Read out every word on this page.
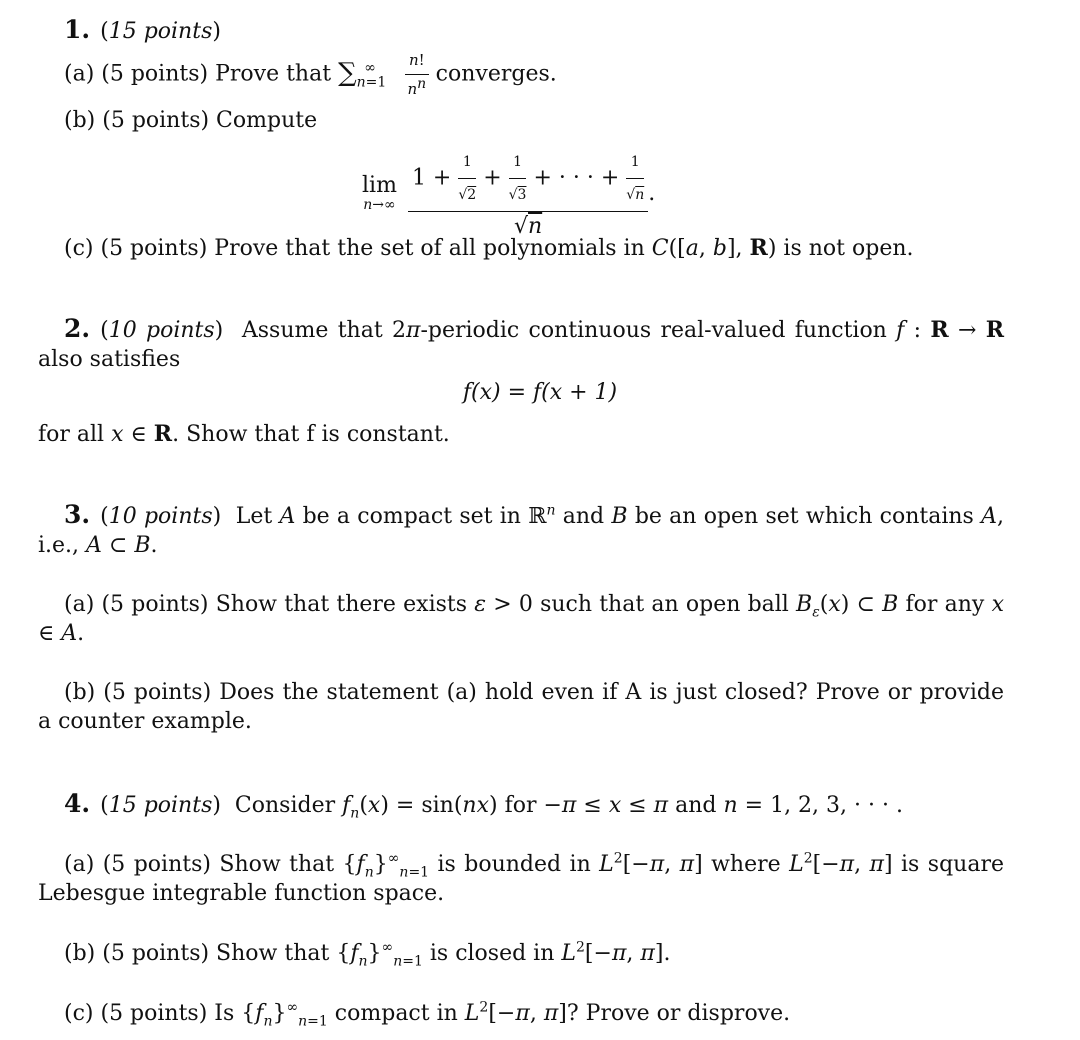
1. (15 points)
(a) (5 points) Prove that $\sum_{n=1}^\infty \frac{n!}{n^n}$ converges.
(b) (5 points) Compute
lim
n→∞
$\frac{1 + \frac{1}{√2} + \frac{1}{√3} + \cdot \cdot \cdot + \frac{1}{√n}}{√n}$ .
(c) (5 points) Prove that the set of all polynomials in C([a, b], R) is not open.
2. (10 points)  Assume that 2π-periodic continuous real-valued function f : R → R also satisfies
f(x) = f(x + 1)
for all x ∈ R. Show that f is constant.
3. (10 points)  Let A be a compact set in ℝ$^n$ and B be an open set which contains A, i.e., A ⊂ B.
(a) (5 points) Show that there exists ε > 0 such that an open ball $B_\varepsilon(x)$ ⊂ B for any x ∈ A.
(b) (5 points) Does the statement (a) hold even if A is just closed? Prove or provide a counter example.
4. (15 points)  Consider $f_n(x) = \sin(nx)$ for −π ≤ x ≤ π and n = 1, 2, 3, · · · .
(a) (5 points) Show that $\{f_n\}^\infty_{n=1}$ is bounded in $L^2[-\pi$, π] where $L^2[-\pi$, π] is square Lebesgue integrable function space.
(b) (5 points) Show that $\{f_n\}^\infty_{n=1}$ is closed in $L^2[-\pi$, π].
(c) (5 points) Is $\{f_n\}^\infty_{n=1}$ compact in $L^2[-\pi$, π]? Prove or disprove.
